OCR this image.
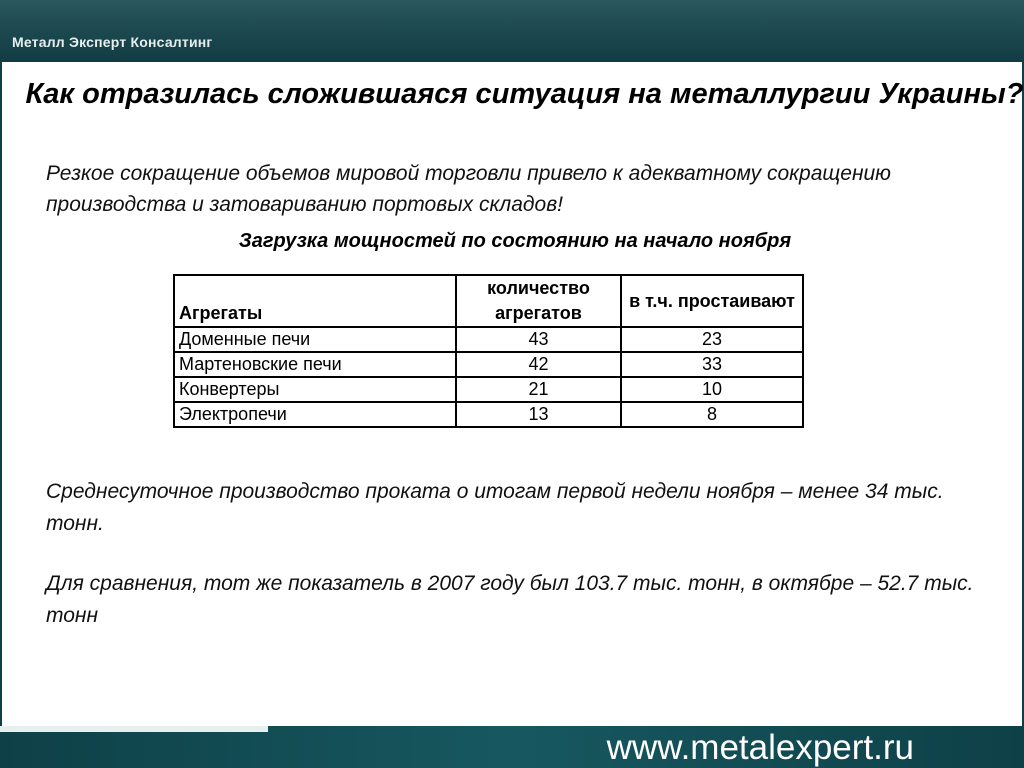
Металл Эксперт Консалтинг
Как отразилась сложившаяся ситуация на металлургии Украины?
Резкое сокращение объемов мировой торговли привело к адекватному сокращению производства и затовариванию портовых складов!
Загрузка мощностей по состоянию на начало ноября
Агрегаты	количество агрегатов	в т.ч. простаивают
Доменные печи	43	23
Мартеновские печи	42	33
Конвертеры	21	10
Электропечи	13	8
Среднесуточное производство проката о итогам первой недели ноября – менее 34 тыс. тонн.
Для сравнения, тот же показатель в 2007 году был 103.7 тыс. тонн, в октябре – 52.7 тыс. тонн
www.metalexpert.ru
